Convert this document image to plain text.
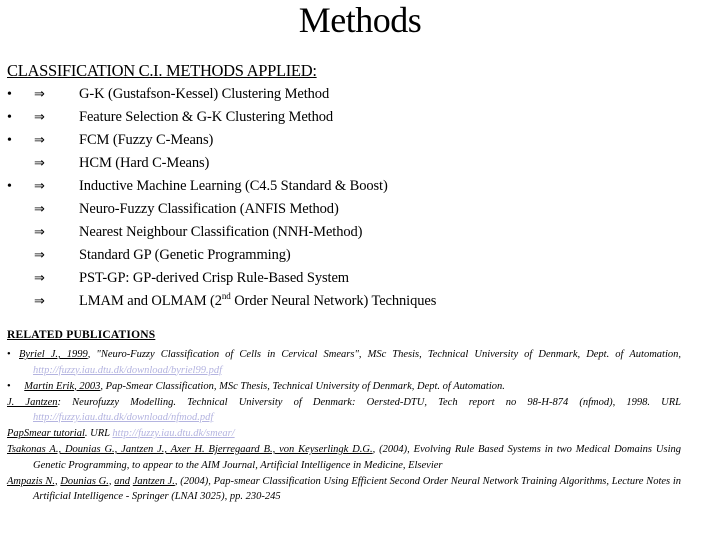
Methods
CLASSIFICATION C.I. METHODS APPLIED:
• ⇒ G-K (Gustafson-Kessel) Clustering Method
• ⇒ Feature Selection & G-K Clustering Method
• ⇒ FCM (Fuzzy C-Means)
⇒ HCM (Hard C-Means)
• ⇒ Inductive Machine Learning (C4.5 Standard & Boost)
⇒ Neuro-Fuzzy Classification (ANFIS Method)
⇒ Nearest Neighbour Classification (NNH-Method)
⇒ Standard GP (Genetic Programming)
⇒ PST-GP: GP-derived Crisp Rule-Based System
⇒ LMAM and OLMAM (2nd Order Neural Network) Techniques
RELATED PUBLICATIONS
• Byriel J., 1999, "Neuro-Fuzzy Classification of Cells in Cervical Smears", MSc Thesis, Technical University of Denmark, Dept. of Automation, http://fuzzy.iau.dtu.dk/download/byriel99.pdf
• Martin Erik, 2003, Pap-Smear Classification, MSc Thesis, Technical University of Denmark, Dept. of Automation.
J. Jantzen: Neurofuzzy Modelling. Technical University of Denmark: Oersted-DTU, Tech report no 98-H-874 (nfmod), 1998. URL http://fuzzy.iau.dtu.dk/download/nfmod.pdf
PapSmear tutorial. URL http://fuzzy.iau.dtu.dk/smear/
Tsakonas A., Dounias G., Jantzen J., Axer H. Bjerregaard B., von Keyserlingk D.G., (2004), Evolving Rule Based Systems in two Medical Domains Using Genetic Programming, to appear to the AIM Journal, Artificial Intelligence in Medicine, Elsevier
Ampazis N., Dounias G., and Jantzen J., (2004), Pap-smear Classification Using Efficient Second Order Neural Network Training Algorithms, Lecture Notes in Artificial Intelligence - Springer (LNAI 3025), pp. 230-245
